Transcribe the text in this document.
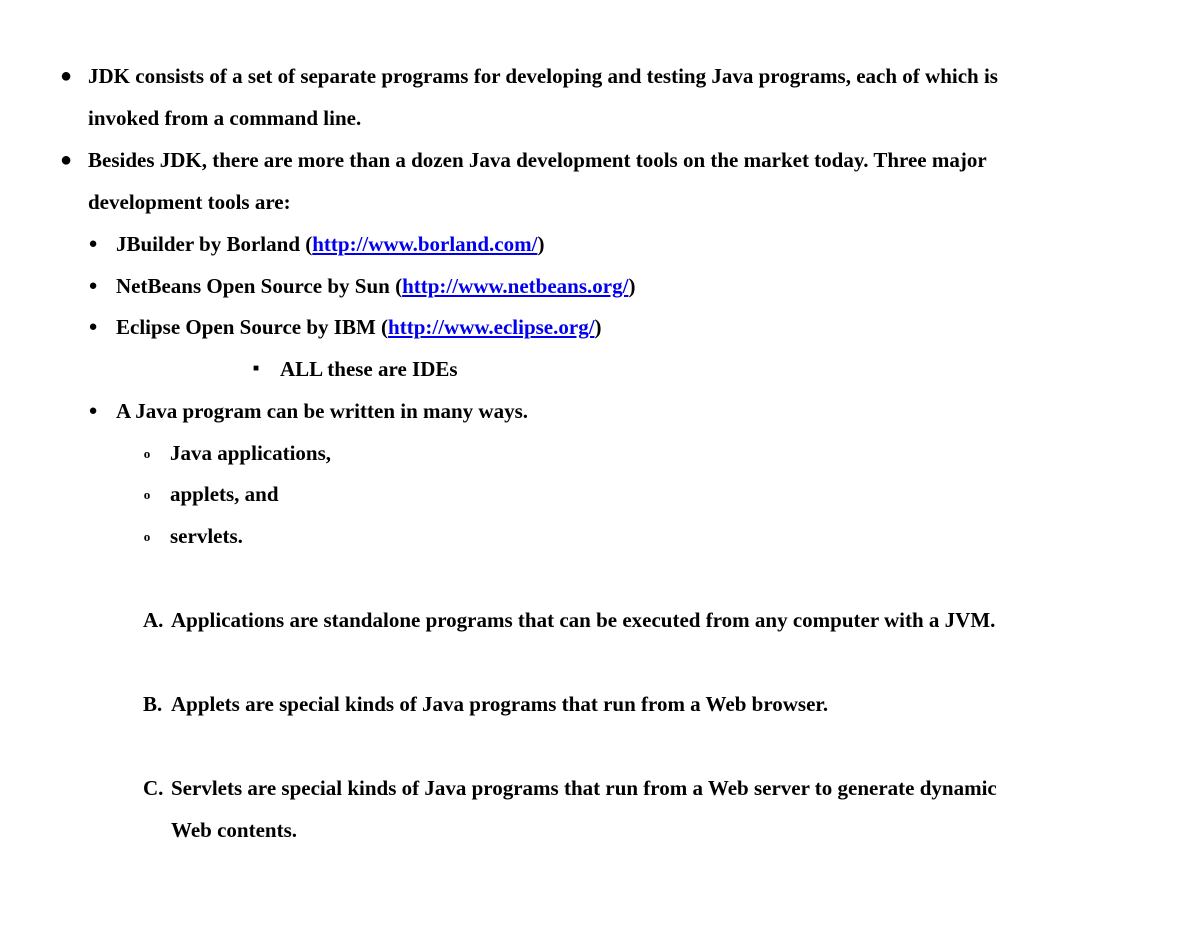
● JDK consists of a set of separate programs for developing and testing Java programs, each of which is
invoked from a command line.
● Besides JDK, there are more than a dozen Java development tools on the market today. Three major
development tools are:
● JBuilder by Borland (http://www.borland.com/)
● NetBeans Open Source by Sun (http://www.netbeans.org/)
● Eclipse Open Source by IBM (http://www.eclipse.org/)
■ ALL these are IDEs
● A Java program can be written in many ways.
o Java applications,
o applets, and
o servlets.
A. Applications are standalone programs that can be executed from any computer with a JVM.
B. Applets are special kinds of Java programs that run from a Web browser.
C. Servlets are special kinds of Java programs that run from a Web server to generate dynamic
Web contents.
